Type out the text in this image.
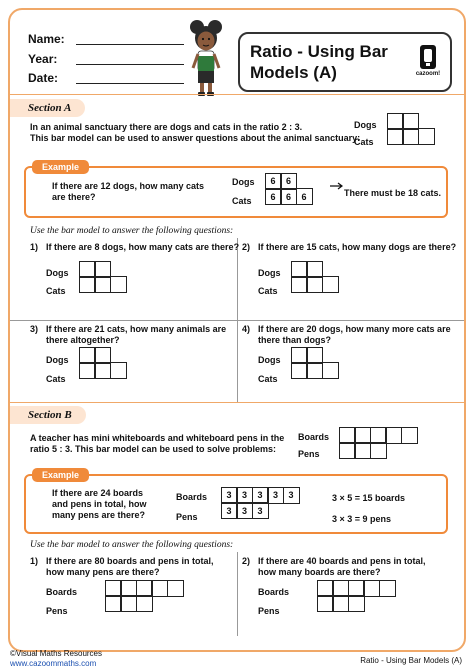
Name:
Year:
Date:
Ratio - Using Bar
Models (A)	cazoom!
Section A
In an animal sanctuary there are dogs and cats in the ratio 2 : 3.
This bar model can be used to answer questions about the animal sanctuary:
Dogs
Cats
If there are 12 dogs, how many cats
are there?
Dogs
Cats
6	6
6	6	6	There must be 18 cats.
Example
Use the bar model to answer the following questions:
1) If there are 8 dogs, how many cats are there?
Dogs
Cats
2) If there are 15 cats, how many dogs are there?
Dogs
Cats
3) If there are 21 cats, how many animals are
there altogether?
Dogs
Cats
4) If there are 20 dogs, how many more cats are
there than dogs?
Dogs
Cats
Section B
A teacher has mini whiteboards and whiteboard pens in the
ratio 5 : 3. This bar model can be used to solve problems:
Boards
Pens
If there are 24 boards
and pens in total, how
many pens are there?
Boards
Pens
3	3	3	3	3
3	3	3
3 × 5 = 15 boards
3 × 3 = 9 pens
Example
Use the bar model to answer the following questions:
1) If there are 80 boards and pens in total,
how many pens are there?
Boards
Pens
2) If there are 40 boards and pens in total,
how many boards are there?
Boards
Pens
©Visual Maths Resources
www.cazoommaths.com	Ratio - Using Bar Models (A)
